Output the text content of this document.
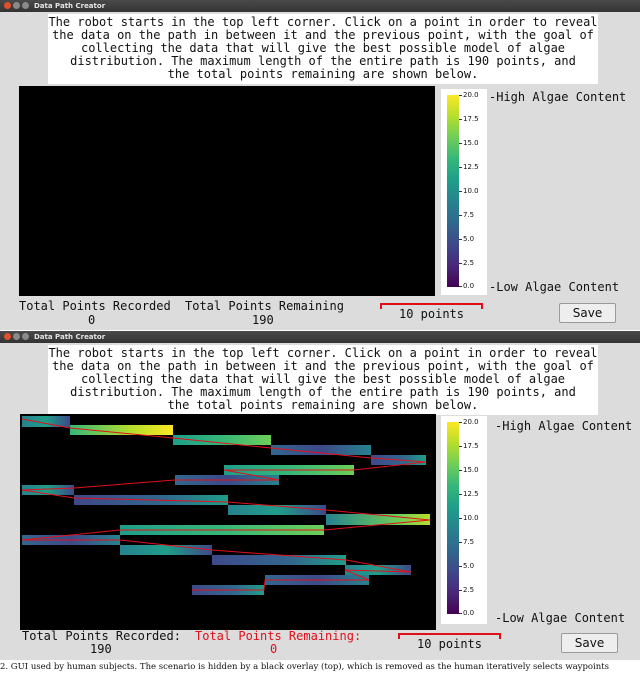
Data Path Creator
The robot starts in the top left corner. Click on a point in order to reveal
the data on the path in between it and the previous point, with the goal of
collecting the data that will give the best possible model of algae
distribution. The maximum length of the entire path is 190 points, and
the total points remaining are shown below.
20.0
17.5
15.0
12.5
10.0
7.5
5.0
2.5
0.0
-High Algae Content
-Low Algae Content
Total Points Recorded
0
Total Points Remaining
190	10 points	Save
Data Path Creator
The robot starts in the top left corner. Click on a point in order to reveal
the data on the path in between it and the previous point, with the goal of
collecting the data that will give the best possible model of algae
distribution. The maximum length of the entire path is 190 points, and
the total points remaining are shown below.
20.0
17.5
15.0
12.5
10.0
7.5
5.0
2.5
0.0
-High Algae Content
-Low Algae Content
Total Points Recorded:
190
Total Points Remaining:
0	10 points	Save
2. GUI used by human subjects. The scenario is hidden by a black overlay (top), which is removed as the human iteratively selects waypoints
